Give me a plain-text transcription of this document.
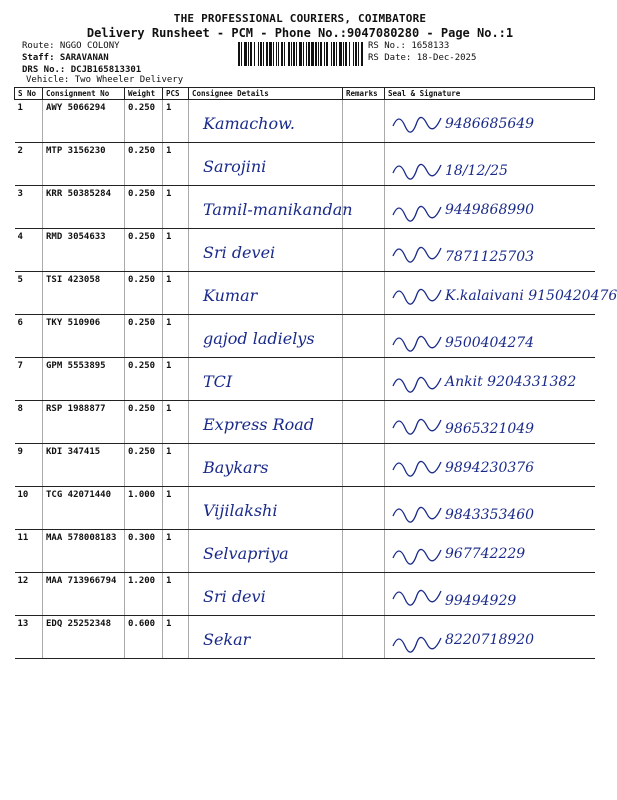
THE PROFESSIONAL COURIERS, COIMBATORE
Delivery Runsheet - PCM - Phone No.:9047080280 - Page No.:1
Route: NGGO COLONY
Staff: SARAVANAN
DRS No.: DCJB165813301
Vehicle: Two Wheeler Delivery
RS No.: 1658133
RS Date: 18-Dec-2025
S No	Consignment No	Weight	PCS	Consignee Details	Remarks	Seal & Signature
1	AWY 5066294	0.250	1	Kamachow.		9486685649

2	MTP 3156230	0.250	1	Sarojini		18/12/25

3	KRR 50385284	0.250	1	Tamil-manikandan		9449868990

4	RMD 3054633	0.250	1	Sri devei		7871125703

5	TSI 423058	0.250	1	Kumar		K.kalaivani 9150420476

6	TKY 510906	0.250	1	gajod ladielys		9500404274

7	GPM 5553895	0.250	1	TCI		Ankit 9204331382

8	RSP 1988877	0.250	1	Express Road		9865321049

9	KDI 347415	0.250	1	Baykars		9894230376

10	TCG 42071440	1.000	1	Vijilakshi		9843353460

11	MAA 578008183	0.300	1	Selvapriya		967742229

12	MAA 713966794	1.200	1	Sri devi		99494929

13	EDQ 25252348	0.600	1	Sekar		8220718920
